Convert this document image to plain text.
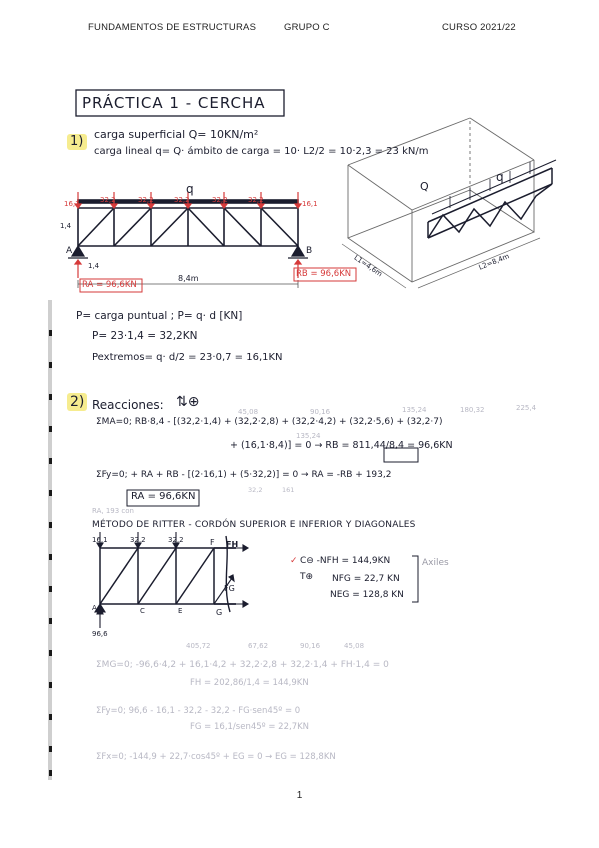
FUNDAMENTOS DE ESTRUCTURAS	GRUPO C	CURSO 2021/22
PRÁCTICA 1 - CERCHA
1) carga superficial Q= 10KN/m²
carga lineal q= Q· ámbito de carga = 10· L2/2 = 10·2,3 = 23 kN/m
q
16,1	32,2	32,2	32,2	32,2	32,2	16,1
A	B
1,4
1,4
8,4m
RA = 96,6KN
RB = 96,6KN
Q
q
L1=4,6m	L2=8,4m
P= carga puntual ; P= q· d [KN]
P= 23·1,4 = 32,2KN
Pextremos= q· d/2 = 23·0,7 = 16,1KN
2) Reacciones: ⇅⊕
45,08	90,16	135,24	180,32	225,4
ΣMA=0; RB·8,4 - [(32,2·1,4) + (32,2·2,8) + (32,2·4,2) + (32,2·5,6) + (32,2·7)
+ (16,1·8,4)] = 0 → RB = 811,44/8,4 = 96,6KN
135,24
ΣFy=0; + RA + RB - [(2·16,1) + (5·32,2)] = 0 → RA = -RB + 193,2
32,2	161
RA = 96,6KN
RA, 193 con
MÉTODO DE RITTER - CORDÓN SUPERIOR E INFERIOR Y DIAGONALES
16,1	32,2	32,2	F FH
FG
G
A	C	E
96,6
✓ C⊖ -NFH = 144,9KN
T⊕ NFG = 22,7 KN
NEG = 128,8 KN
Axiles
405,72	67,62	90,16	45,08
ΣMG=0; -96,6·4,2 + 16,1·4,2 + 32,2·2,8 + 32,2·1,4 + FH·1,4 = 0
FH = 202,86/1,4 = 144,9KN
ΣFy=0; 96,6 - 16,1 - 32,2 - 32,2 - FG·sen45º = 0
FG = 16,1/sen45º = 22,7KN
ΣFx=0; -144,9 + 22,7·cos45º + EG = 0 → EG = 128,8KN
1
